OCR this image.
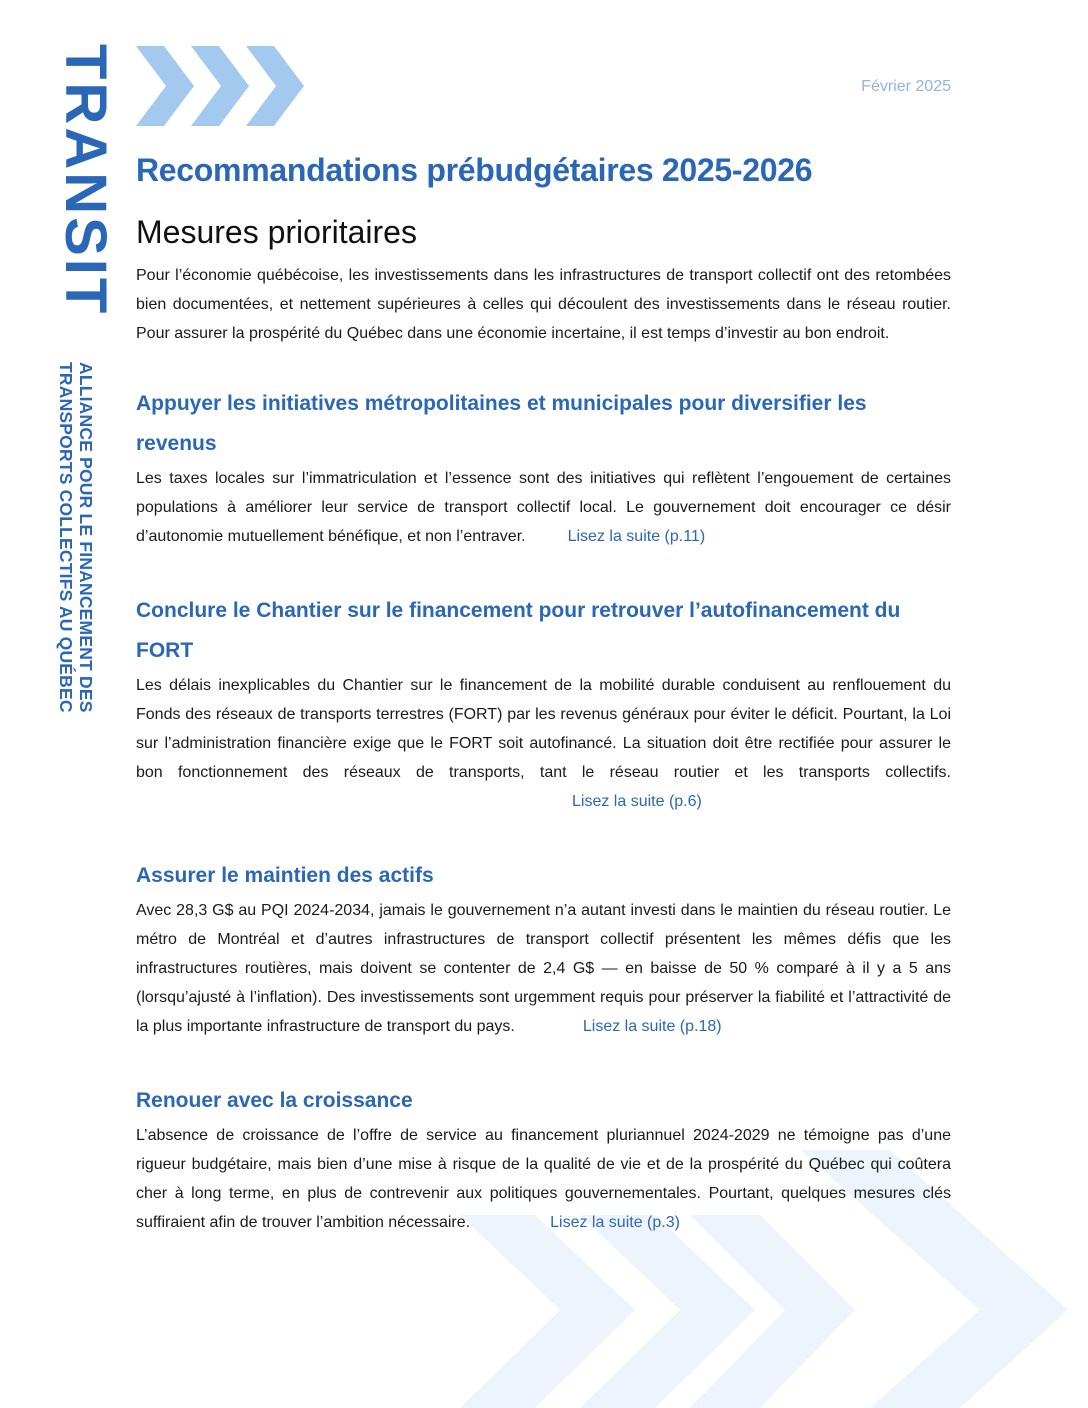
TRANSIT
ALLIANCE POUR LE FINANCEMENT DES
TRANSPORTS COLLECTIFS AU QUÉBEC
Février 2025
Recommandations prébudgétaires 2025-2026
Mesures prioritaires

Pour l’économie québécoise, les investissements dans les infrastructures de transport collectif ont des retombées bien documentées, et nettement supérieures à celles qui découlent des investissements dans le réseau routier. Pour assurer la prospérité du Québec dans une économie incertaine, il est temps d’investir au bon endroit.

Appuyer les initiatives métropolitaines et municipales pour diversifier les revenus

Les taxes locales sur l’immatriculation et l’essence sont des initiatives qui reflètent l’engouement de certaines populations à améliorer leur service de transport collectif local. Le gouvernement doit encourager ce désir d’autonomie mutuellement bénéfique, et non l’entraver.	Lisez la suite (p.11)

Conclure le Chantier sur le financement pour retrouver l’autofinancement du FORT

Les délais inexplicables du Chantier sur le financement de la mobilité durable conduisent au renflouement du Fonds des réseaux de transports terrestres (FORT) par les revenus généraux pour éviter le déficit. Pourtant, la Loi sur l’administration financière exige que le FORT soit autofinancé. La situation doit être rectifiée pour assurer le bon fonctionnement des réseaux de transports, tant le réseau routier et les transports collectifs.Lisez la suite (p.6)

Assurer le maintien des actifs

Avec 28,3 G$ au PQI 2024-2034, jamais le gouvernement n’a autant investi dans le maintien du réseau routier. Le métro de Montréal et d’autres infrastructures de transport collectif présentent les mêmes défis que les infrastructures routières, mais doivent se contenter de 2,4 G$ — en baisse de 50 % comparé à il y a 5 ans (lorsqu’ajusté à l’inflation). Des investissements sont urgemment requis pour préserver la fiabilité et l’attractivité de la plus importante infrastructure de transport du pays.	Lisez la suite (p.18)

Renouer avec la croissance

L’absence de croissance de l’offre de service au financement pluriannuel 2024-2029 ne témoigne pas d’une rigueur budgétaire, mais bien d’une mise à risque de la qualité de vie et de la prospérité du Québec qui coûtera cher à long terme, en plus de contrevenir aux politiques gouvernementales. Pourtant, quelques mesures clés suffiraient afin de trouver l’ambition nécessaire.	Lisez la suite (p.3)
